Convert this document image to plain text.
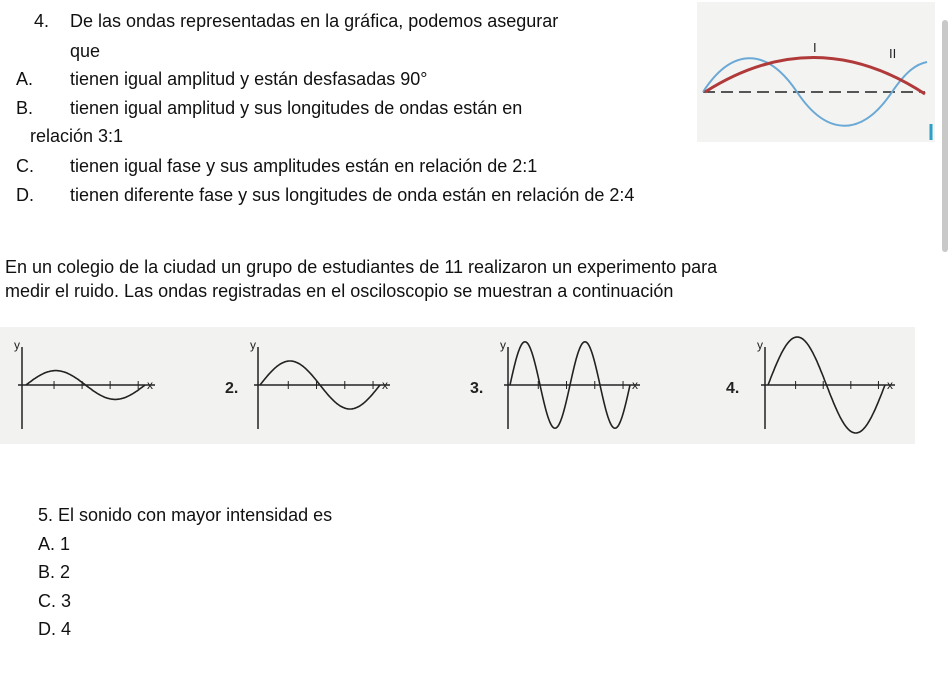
4. De las ondas representadas en la gráfica, podemos asegurar
que
A. tienen igual amplitud y están desfasadas 90°
B. tienen igual amplitud y sus longitudes de ondas están en
relación 3:1
C. tienen igual fase y sus amplitudes están en relación de 2:1
D. tienen diferente fase y sus longitudes de onda están en relación de 2:4
I	II
En un colegio de la ciudad un grupo de estudiantes de 11 realizaron un experimento para
medir el ruido. Las ondas registradas en el osciloscopio se muestran a continuación
y
x
y
x
2.
y
x
3.
y
x
4.
5. El sonido con mayor intensidad es
A. 1
B. 2
C. 3
D. 4
